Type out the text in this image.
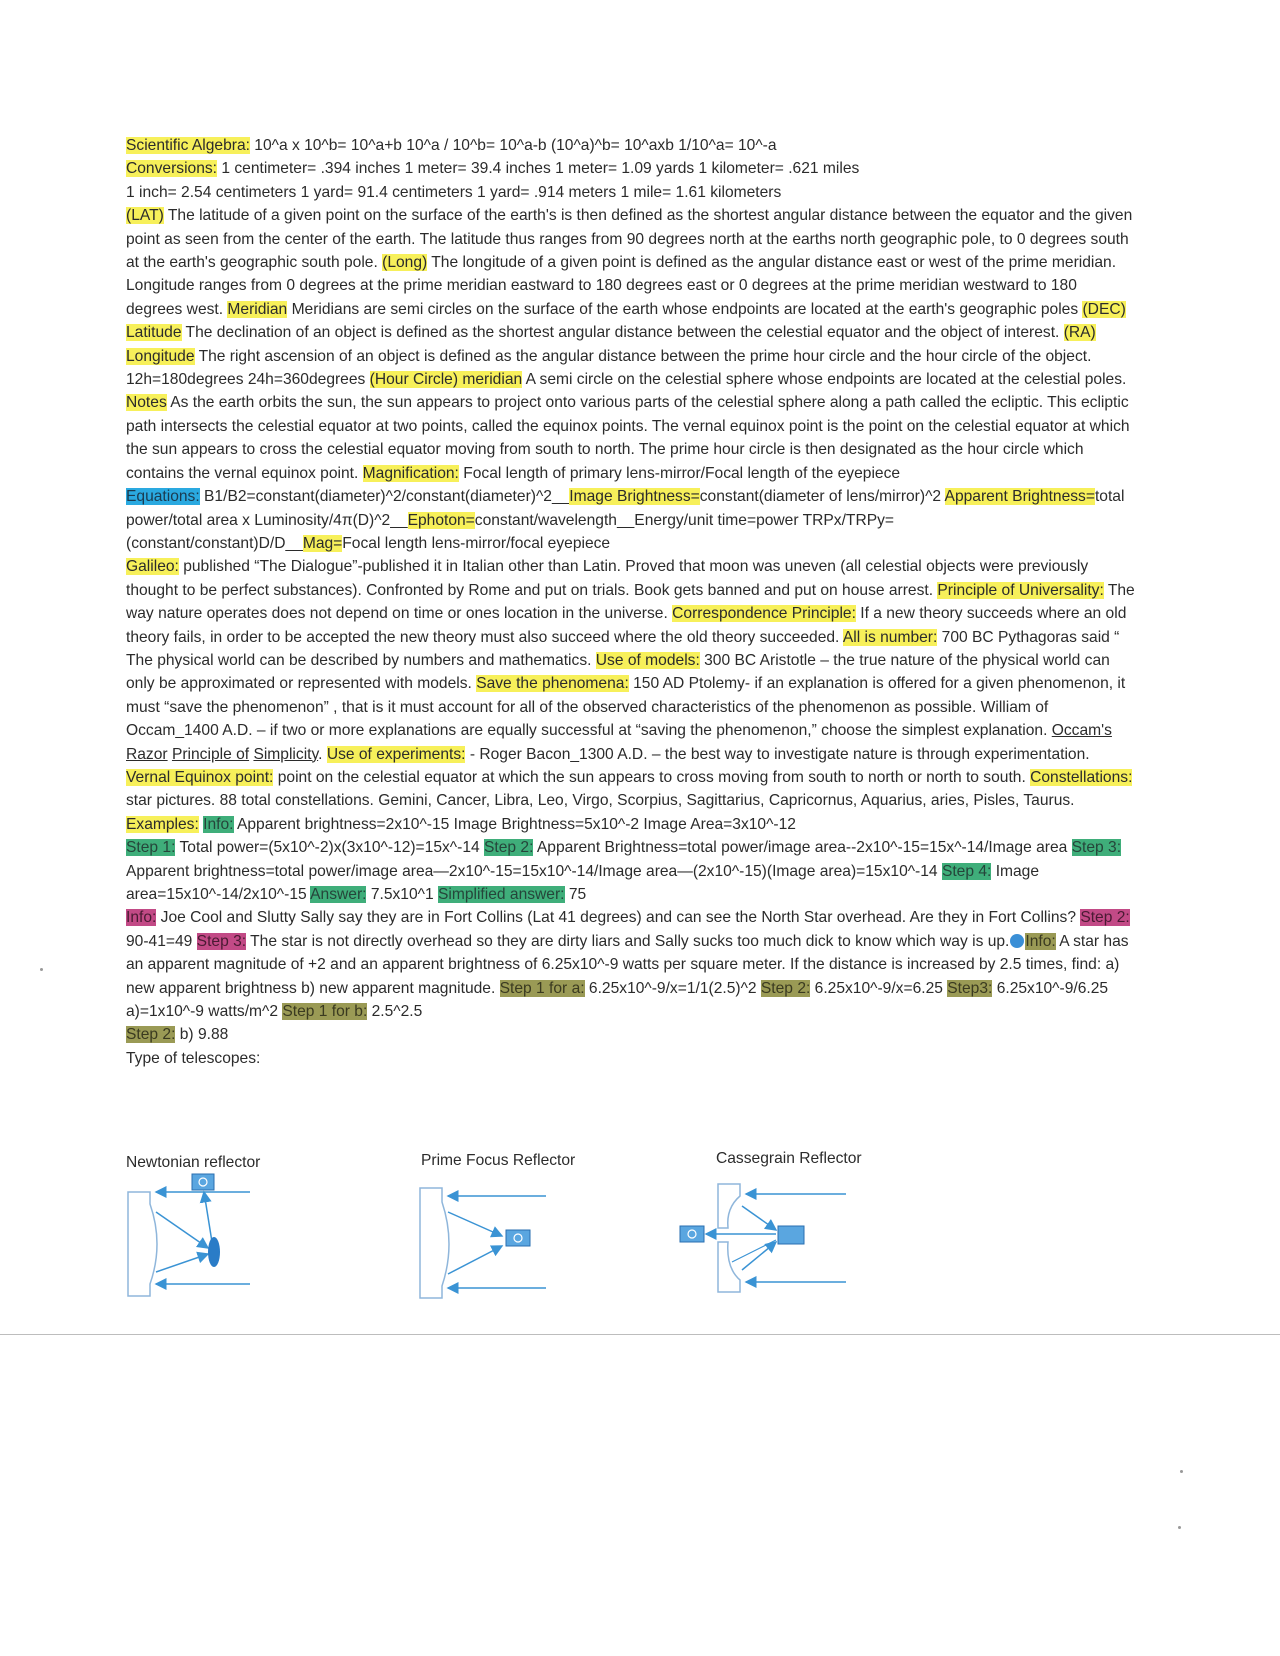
Scientific Algebra: 10^a x 10^b= 10^a+b 10^a / 10^b= 10^a-b (10^a)^b= 10^axb 1/10^a= 10^-a

Conversions: 1 centimeter= .394 inches 1 meter= 39.4 inches 1 meter= 1.09 yards 1 kilometer= .621 miles

1 inch= 2.54 centimeters 1 yard= 91.4 centimeters 1 yard= .914 meters 1 mile= 1.61 kilometers

(LAT) The latitude of a given point on the surface of the earth's is then defined as the shortest angular distance between the equator and the given point as seen from the center of the earth. The latitude thus ranges from 90 degrees north at the earths north geographic pole, to 0 degrees south at the earth's geographic south pole. (Long) The longitude of a given point is defined as the angular distance east or west of the prime meridian. Longitude ranges from 0 degrees at the prime meridian eastward to 180 degrees east or 0 degrees at the prime meridian westward to 180 degrees west. Meridian Meridians are semi circles on the surface of the earth whose endpoints are located at the earth's geographic poles (DEC) Latitude The declination of an object is defined as the shortest angular distance between the celestial equator and the object of interest. (RA) Longitude The right ascension of an object is defined as the angular distance between the prime hour circle and the hour circle of the object. 12h=180degrees 24h=360degrees (Hour Circle) meridian A semi circle on the celestial sphere whose endpoints are located at the celestial poles. Notes As the earth orbits the sun, the sun appears to project onto various parts of the celestial sphere along a path called the ecliptic. This ecliptic path intersects the celestial equator at two points, called the equinox points. The vernal equinox point is the point on the celestial equator at which the sun appears to cross the celestial equator moving from south to north. The prime hour circle is then designated as the hour circle which contains the vernal equinox point. Magnification: Focal length of primary lens-mirror/Focal length of the eyepiece

Equations: B1/B2=constant(diameter)^2/constant(diameter)^2__Image Brightness=constant(diameter of lens/mirror)^2 Apparent Brightness=total power/total area x Luminosity/4π(D)^2__Ephoton=constant/wavelength__Energy/unit time=power TRPx/TRPy=(constant/constant)D/D__Mag=Focal length lens-mirror/focal eyepiece

Galileo: published “The Dialogue”-published it in Italian other than Latin. Proved that moon was uneven (all celestial objects were previously thought to be perfect substances). Confronted by Rome and put on trials. Book gets banned and put on house arrest. Principle of Universality: The way nature operates does not depend on time or ones location in the universe. Correspondence Principle: If a new theory succeeds where an old theory fails, in order to be accepted the new theory must also succeed where the old theory succeeded. All is number: 700 BC Pythagoras said “ The physical world can be described by numbers and mathematics. Use of models: 300 BC Aristotle – the true nature of the physical world can only be approximated or represented with models. Save the phenomena: 150 AD Ptolemy- if an explanation is offered for a given phenomenon, it must “save the phenomenon” , that is it must account for all of the observed characteristics of the phenomenon as possible. William of Occam_1400 A.D. – if two or more explanations are equally successful at “saving the phenomenon,” choose the simplest explanation. Occam's Razor Principle of Simplicity. Use of experiments: - Roger Bacon_1300 A.D. – the best way to investigate nature is through experimentation. Vernal Equinox point: point on the celestial equator at which the sun appears to cross moving from south to north or north to south. Constellations: star pictures. 88 total constellations. Gemini, Cancer, Libra, Leo, Virgo, Scorpius, Sagittarius, Capricornus, Aquarius, aries, Pisles, Taurus.

Examples: Info: Apparent brightness=2x10^-15 Image Brightness=5x10^-2 Image Area=3x10^-12

Step 1: Total power=(5x10^-2)x(3x10^-12)=15x^-14 Step 2: Apparent Brightness=total power/image area--2x10^-15=15x^-14/Image area Step 3: Apparent brightness=total power/image area—2x10^-15=15x10^-14/Image area—(2x10^-15)(Image area)=15x10^-14 Step 4: Image area=15x10^-14/2x10^-15 Answer: 7.5x10^1 Simplified answer: 75

Info: Joe Cool and Slutty Sally say they are in Fort Collins (Lat 41 degrees) and can see the North Star overhead. Are they in Fort Collins? Step 2: 90-41=49 Step 3: The star is not directly overhead so they are dirty liars and Sally sucks too much dick to know which way is up. Info: A star has an apparent magnitude of +2 and an apparent brightness of 6.25x10^-9 watts per square meter. If the distance is increased by 2.5 times, find: a) new apparent brightness b) new apparent magnitude. Step 1 for a: 6.25x10^-9/x=1/1(2.5)^2 Step 2: 6.25x10^-9/x=6.25 Step3: 6.25x10^-9/6.25 a)=1x10^-9 watts/m^2 Step 1 for b: 2.5^2.5

Step 2: b) 9.88

Type of telescopes:

Newtonian reflector	Prime Focus Reflector	Cassegrain Reflector
